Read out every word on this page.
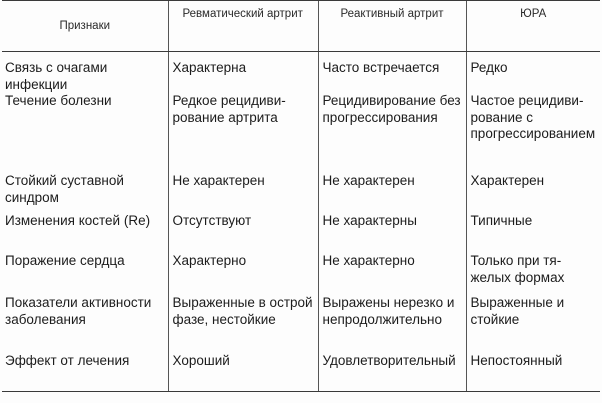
Признаки	Ревматический артрит	Реактивный артрит	ЮРА
Связь с очагами инфекции	Характерна	Часто встречается	Редко
Течение болезни	Редкое рецидивирование артрита	Рецидивирование без прогрессирования	Частое рецидивирование с прогрессированием
Стойкий суставной синдром	Не характерен	Не характерен	Характерен
Изменения костей (Re)	Отсутствуют	Не характерны	Типичные
Поражение сердца	Характерно	Не характерно	Только при тяжелых формах
Показатели активности заболевания	Выраженные в острой фазе, нестойкие	Выражены нерезко и непродолжительно	Выраженные и стойкие
Эффект от лечения	Хороший	Удовлетворительный	Непостоянный
